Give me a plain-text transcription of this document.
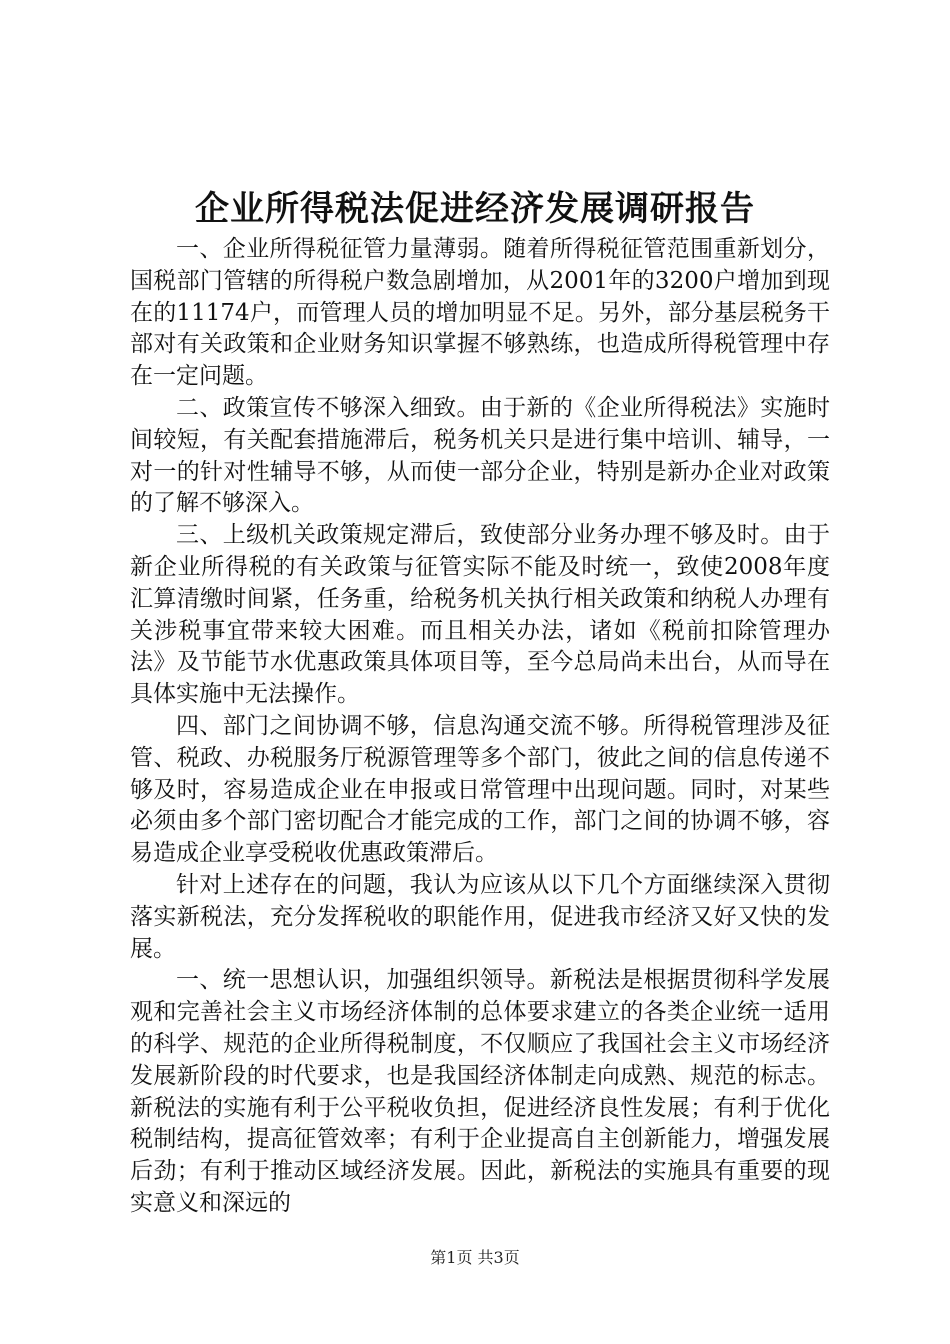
企业所得税法促进经济发展调研报告

一、企业所得税征管力量薄弱。随着所得税征管范围重新划分，国税部门管辖的所得税户数急剧增加，从2001年的3200户增加到现在的11174户，而管理人员的增加明显不足。另外，部分基层税务干部对有关政策和企业财务知识掌握不够熟练，也造成所得税管理中存在一定问题。

二、政策宣传不够深入细致。由于新的《企业所得税法》实施时间较短，有关配套措施滞后，税务机关只是进行集中培训、辅导，一对一的针对性辅导不够，从而使一部分企业，特别是新办企业对政策的了解不够深入。

三、上级机关政策规定滞后，致使部分业务办理不够及时。由于新企业所得税的有关政策与征管实际不能及时统一，致使2008年度汇算清缴时间紧，任务重，给税务机关执行相关政策和纳税人办理有关涉税事宜带来较大困难。而且相关办法，诸如《税前扣除管理办法》及节能节水优惠政策具体项目等，至今总局尚未出台，从而导在具体实施中无法操作。

四、部门之间协调不够，信息沟通交流不够。所得税管理涉及征管、税政、办税服务厅税源管理等多个部门，彼此之间的信息传递不够及时，容易造成企业在申报或日常管理中出现问题。同时，对某些必须由多个部门密切配合才能完成的工作，部门之间的协调不够，容易造成企业享受税收优惠政策滞后。

针对上述存在的问题，我认为应该从以下几个方面继续深入贯彻落实新税法，充分发挥税收的职能作用，促进我市经济又好又快的发展。

一、统一思想认识，加强组织领导。新税法是根据贯彻科学发展观和完善社会主义市场经济体制的总体要求建立的各类企业统一适用的科学、规范的企业所得税制度，不仅顺应了我国社会主义市场经济发展新阶段的时代要求，也是我国经济体制走向成熟、规范的标志。新税法的实施有利于公平税收负担，促进经济良性发展；有利于优化税制结构，提高征管效率；有利于企业提高自主创新能力，增强发展后劲；有利于推动区域经济发展。因此，新税法的实施具有重要的现实意义和深远的

第1页 共3页
